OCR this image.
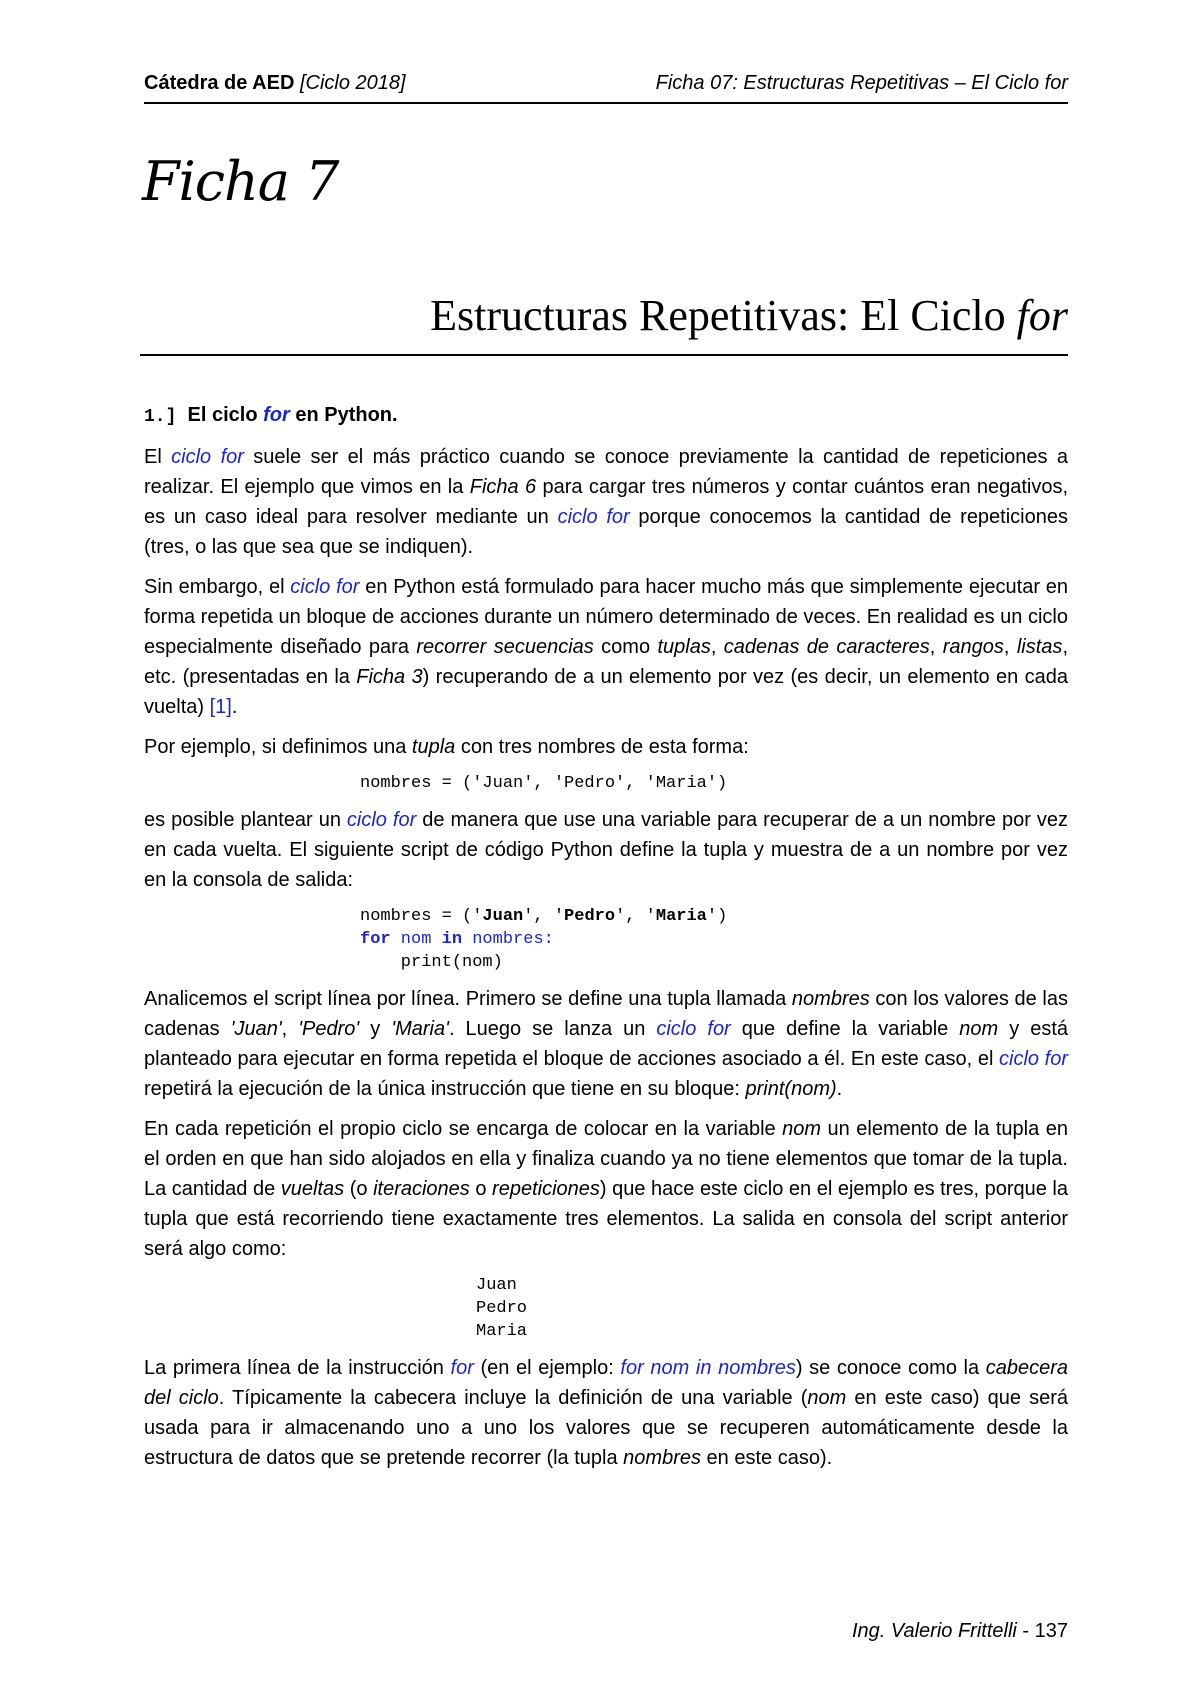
Cátedra de AED [Ciclo 2018]	Ficha 07: Estructuras Repetitivas – El Ciclo for
Ficha 7
Estructuras Repetitivas: El Ciclo for
1.] El ciclo for en Python.

El ciclo for suele ser el más práctico cuando se conoce previamente la cantidad de repeticiones a realizar. El ejemplo que vimos en la Ficha 6 para cargar tres números y contar cuántos eran negativos, es un caso ideal para resolver mediante un ciclo for porque conocemos la cantidad de repeticiones (tres, o las que sea que se indiquen).

Sin embargo, el ciclo for en Python está formulado para hacer mucho más que simplemente ejecutar en forma repetida un bloque de acciones durante un número determinado de veces. En realidad es un ciclo especialmente diseñado para recorrer secuencias como tuplas, cadenas de caracteres, rangos, listas, etc. (presentadas en la Ficha 3) recuperando de a un elemento por vez (es decir, un elemento en cada vuelta) [1].

Por ejemplo, si definimos una tupla con tres nombres de esta forma:

nombres = ('Juan', 'Pedro', 'Maria')

es posible plantear un ciclo for de manera que use una variable para recuperar de a un nombre por vez en cada vuelta. El siguiente script de código Python define la tupla y muestra de a un nombre por vez en la consola de salida:

nombres = ('Juan', 'Pedro', 'Maria')
for nom in nombres:
print(nom)

Analicemos el script línea por línea. Primero se define una tupla llamada nombres con los valores de las cadenas 'Juan', 'Pedro' y 'Maria'. Luego se lanza un ciclo for que define la variable nom y está planteado para ejecutar en forma repetida el bloque de acciones asociado a él. En este caso, el ciclo for repetirá la ejecución de la única instrucción que tiene en su bloque: print(nom).

En cada repetición el propio ciclo se encarga de colocar en la variable nom un elemento de la tupla en el orden en que han sido alojados en ella y finaliza cuando ya no tiene elementos que tomar de la tupla. La cantidad de vueltas (o iteraciones o repeticiones) que hace este ciclo en el ejemplo es tres, porque la tupla que está recorriendo tiene exactamente tres elementos. La salida en consola del script anterior será algo como:

Juan
Pedro
Maria

La primera línea de la instrucción for (en el ejemplo: for nom in nombres) se conoce como la cabecera del ciclo. Típicamente la cabecera incluye la definición de una variable (nom en este caso) que será usada para ir almacenando uno a uno los valores que se recuperen automáticamente desde la estructura de datos que se pretende recorrer (la tupla nombres en este caso).

Ing. Valerio Frittelli - 137
